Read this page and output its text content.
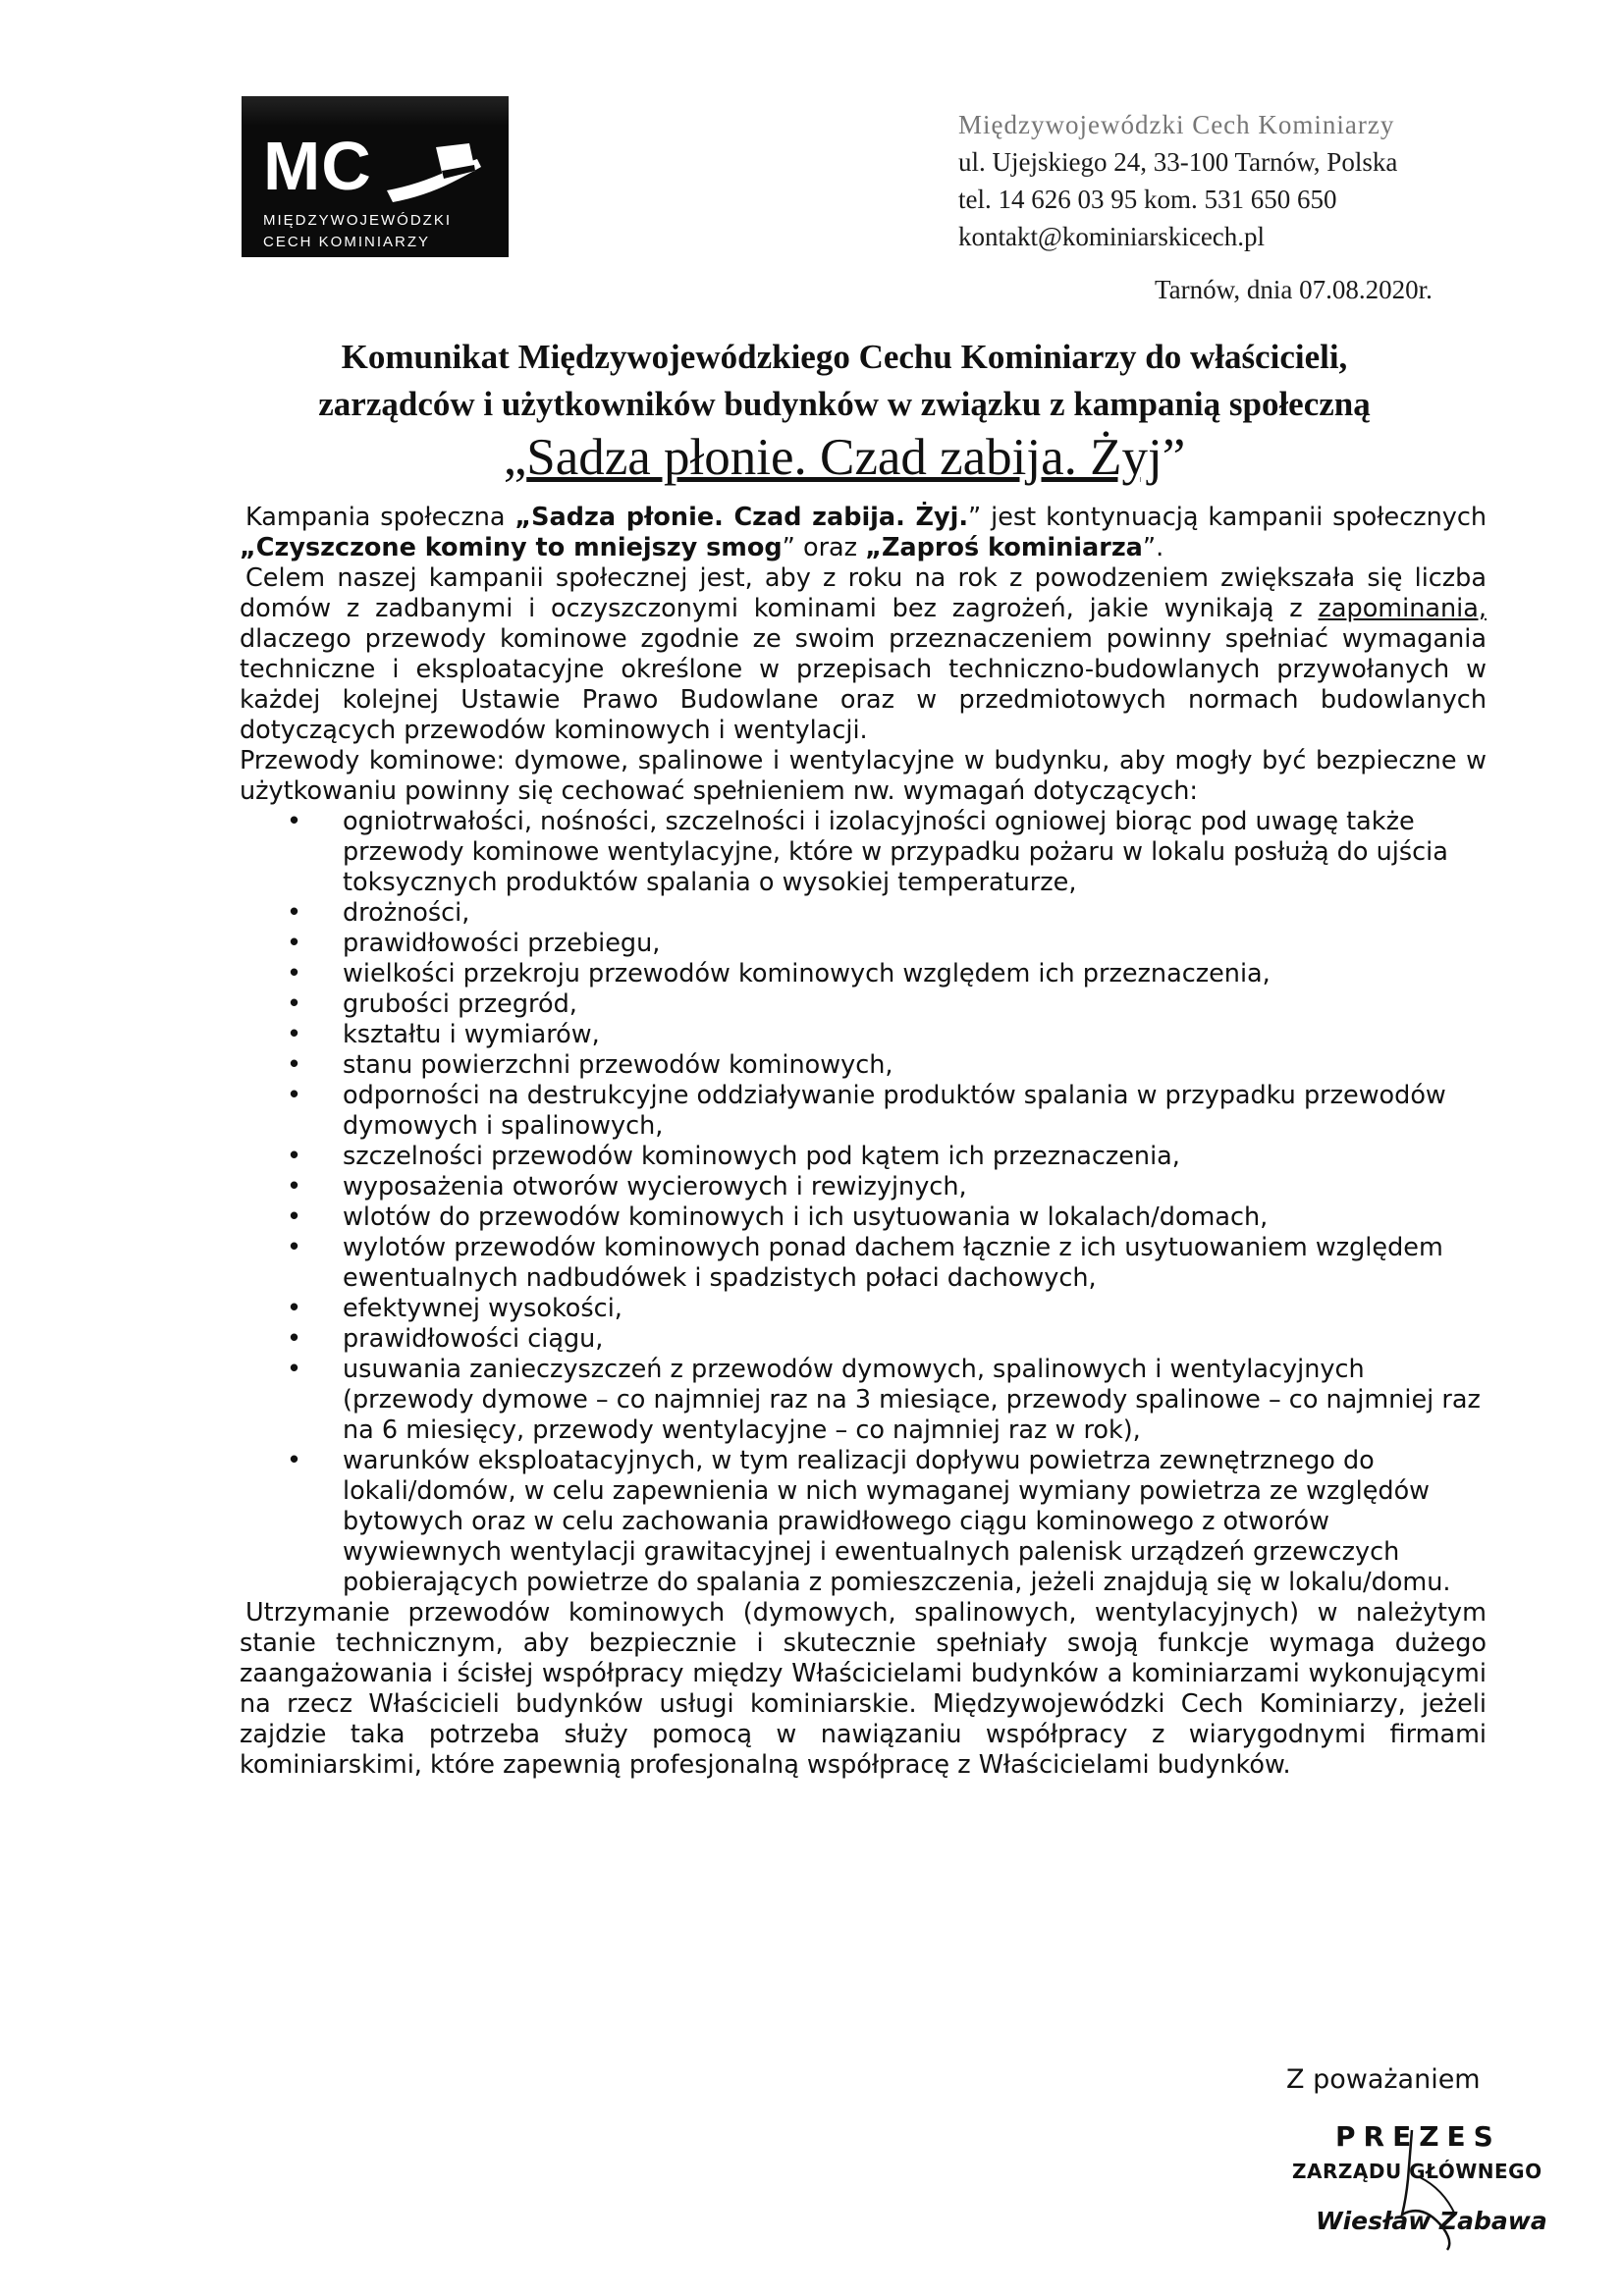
MC
MIĘDZYWOJEWÓDZKI
CECH KOMINIARZY
Międzywojewódzki Cech Kominiarzy
ul. Ujejskiego 24, 33-100 Tarnów, Polska
tel. 14 626 03 95 kom. 531 650 650
kontakt@kominiarskicech.pl
Tarnów, dnia 07.08.2020r.
Komunikat Międzywojewódzkiego Cechu Kominiarzy do właścicieli,
zarządców i użytkowników budynków w związku z kampanią społeczną
„Sadza płonie. Czad zabija. Żyj”

Kampania społeczna „Sadza płonie. Czad zabija. Żyj.” jest kontynuacją kampanii społecznych „Czyszczone kominy to mniejszy smog” oraz „Zaproś kominiarza”.

Celem naszej kampanii społecznej jest, aby z roku na rok z powodzeniem zwiększała się liczba domów z zadbanymi i oczyszczonymi kominami bez zagrożeń, jakie wynikają z zapominania, dlaczego przewody kominowe zgodnie ze swoim przeznaczeniem powinny spełniać wymagania techniczne i eksploatacyjne określone w przepisach techniczno-budowlanych przywołanych w każdej kolejnej Ustawie Prawo Budowlane oraz w przedmiotowych normach budowlanych dotyczących przewodów kominowych i wentylacji.

Przewody kominowe: dymowe, spalinowe i wentylacyjne w budynku, aby mogły być bezpieczne w użytkowaniu powinny się cechować spełnieniem nw. wymagań dotyczących:

• ogniotrwałości, nośności, szczelności i izolacyjności ogniowej biorąc pod uwagę także przewody kominowe wentylacyjne, które w przypadku pożaru w lokalu posłużą do ujścia toksycznych produktów spalania o wysokiej temperaturze,
• drożności,
• prawidłowości przebiegu,
• wielkości przekroju przewodów kominowych względem ich przeznaczenia,
• grubości przegród,
• kształtu i wymiarów,
• stanu powierzchni przewodów kominowych,
• odporności na destrukcyjne oddziaływanie produktów spalania w przypadku przewodów dymowych i spalinowych,
• szczelności przewodów kominowych pod kątem ich przeznaczenia,
• wyposażenia otworów wycierowych i rewizyjnych,
• wlotów do przewodów kominowych i ich usytuowania w lokalach/domach,
• wylotów przewodów kominowych ponad dachem łącznie z ich usytuowaniem względem ewentualnych nadbudówek i spadzistych połaci dachowych,
• efektywnej wysokości,
• prawidłowości ciągu,
• usuwania zanieczyszczeń z przewodów dymowych, spalinowych i wentylacyjnych (przewody dymowe – co najmniej raz na 3 miesiące, przewody spalinowe – co najmniej raz na 6 miesięcy, przewody wentylacyjne – co najmniej raz w rok),
• warunków eksploatacyjnych, w tym realizacji dopływu powietrza zewnętrznego do lokali/domów, w celu zapewnienia w nich wymaganej wymiany powietrza ze względów bytowych oraz w celu zachowania prawidłowego ciągu kominowego z otworów wywiewnych wentylacji grawitacyjnej i ewentualnych palenisk urządzeń grzewczych pobierających powietrze do spalania z pomieszczenia, jeżeli znajdują się w lokalu/domu.

Utrzymanie przewodów kominowych (dymowych, spalinowych, wentylacyjnych) w należytym stanie technicznym, aby bezpiecznie i skutecznie spełniały swoją funkcje wymaga dużego zaangażowania i ścisłej współpracy między Właścicielami budynków a kominiarzami wykonującymi na rzecz Właścicieli budynków usługi kominiarskie. Międzywojewódzki Cech Kominiarzy, jeżeli zajdzie taka potrzeba służy pomocą w nawiązaniu współpracy z wiarygodnymi firmami kominiarskimi, które zapewnią profesjonalną współpracę z Właścicielami budynków.

Z poważaniem
PREZES
ZARZĄDU GŁÓWNEGO
Wiesław Zabawa
